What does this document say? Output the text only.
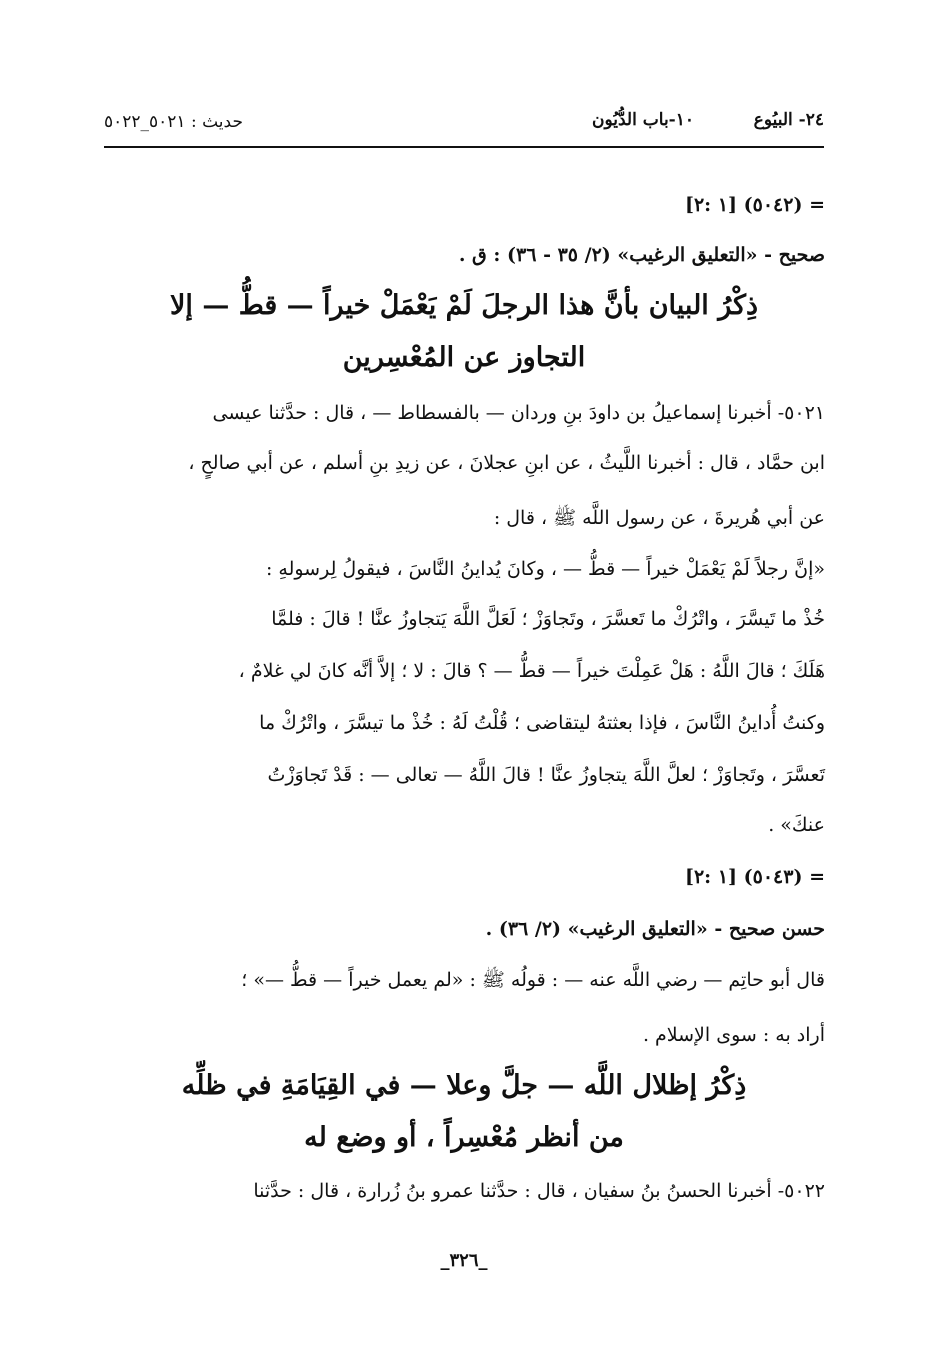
٢٤- البيُوع
١٠-باب الدُّيُون
حديث : ٥٠٢١_٥٠٢٢
= (٥٠٤٢) [١ :٢]
صحيح - «التعليق الرغيب» (٢/ ٣٥ - ٣٦) : ق .
ذِكْرُ البيان بأنَّ هذا الرجلَ لَمْ يَعْمَلْ خيراً — قطُّ — إلا
التجاوز عن المُعْسِرين
٥٠٢١- أخبرنا إسماعيلُ بن داودَ بنِ وردان — بالفسطاط — ، قال : حدَّثنا عيسى
ابن حمَّاد ، قال : أخبرنا اللَّيثُ ، عن ابنِ عجلانَ ، عن زيدِ بنِ أسلم ، عن أبي صالحٍ ،
عن أبي هُريرةَ ، عن رسول اللَّه ﷺ ، قال :
«إنَّ رجلاً لَمْ يَعْمَلْ خيراً — قطُّ — ، وكانَ يُداينُ النَّاسَ ، فيقولُ لِرسولهِ :
خُذْ ما تَيسَّرَ ، واتْرُكْ ما تَعسَّرَ ، وتَجاوَزْ ؛ لَعَلَّ اللَّهَ يَتجاوزُ عنَّا ! قالَ : فلمَّا
هَلَكَ ؛ قالَ اللَّهُ : هَلْ عَمِلْتَ خيراً — قطُّ — ؟ قالَ : لا ؛ إلاَّ أنَّه كانَ لي غلامٌ ،
وكنتُ أُداينُ النَّاسَ ، فإذا بعثتهُ ليتقاضى ؛ قُلْتُ لَهُ : خُذْ ما تيسَّرَ ، واتْرُكْ ما
تَعسَّرَ ، وتَجاوَزْ ؛ لعلَّ اللَّهَ يتجاوزُ عنَّا ! قالَ اللَّهُ — تعالى — : قَدْ تَجاوَزْتُ
عنكَ» .
= (٥٠٤٣) [١ :٢]
حسن صحيح - «التعليق الرغيب» (٢/ ٣٦) .
قال أبو حاتِم — رضي اللَّه عنه — : قولُه ﷺ : «لم يعمل خيراً — قطُّ —» ؛
أراد به : سوى الإسلام .
ذِكْرُ إظلال اللَّه — جلَّ وعلا — في القِيَامَةِ في ظلِّه
من أنظر مُعْسِراً ، أو وضع له
٥٠٢٢- أخبرنا الحسنُ بنُ سفيان ، قال : حدَّثنا عمرو بنُ زُرارة ، قال : حدَّثنا
_٣٢٦_
